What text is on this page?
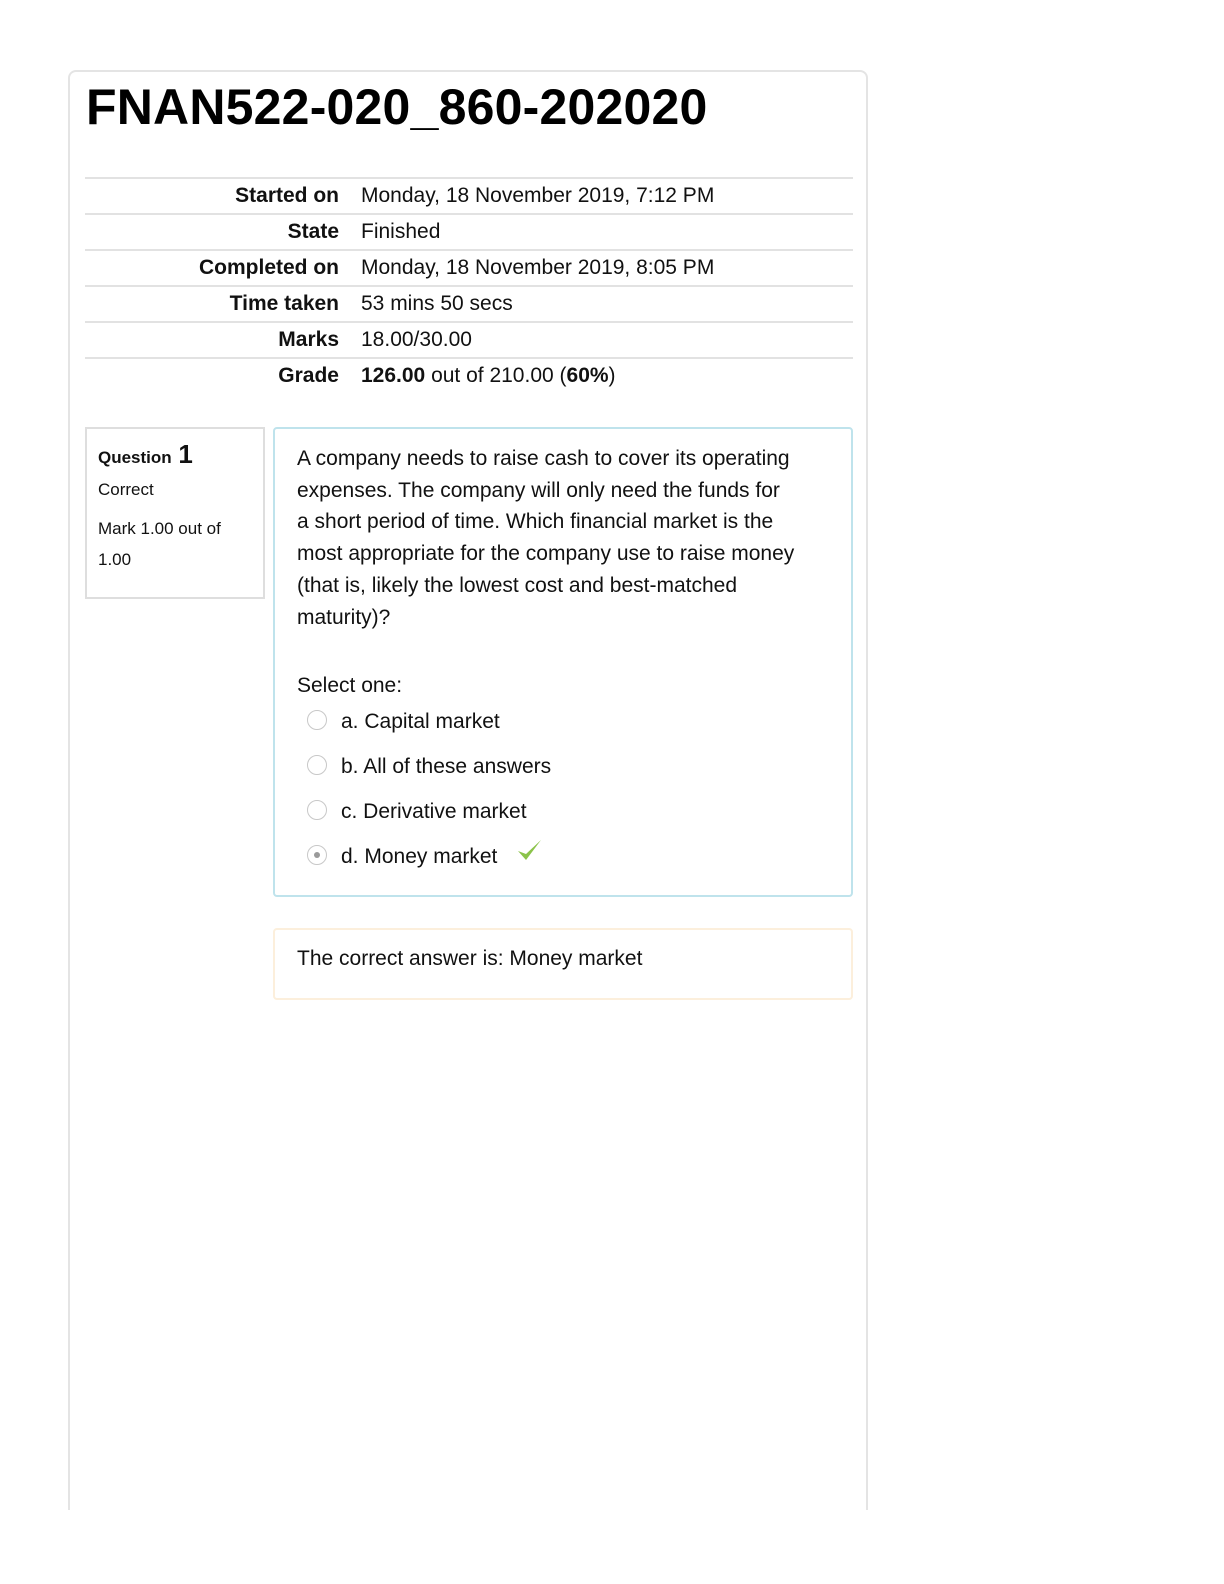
FNAN522-020_860-202020
Started on	Monday, 18 November 2019, 7:12 PM
State	Finished
Completed on	Monday, 18 November 2019, 8:05 PM
Time taken	53 mins 50 secs
Marks	18.00/30.00
Grade	126.00 out of 210.00 (60%)
Question 1
Correct
Mark 1.00 out of 1.00

A company needs to raise cash to cover its operating expenses. The company will only need the funds for a short period of time. Which financial market is the most appropriate for the company use to raise money (that is, likely the lowest cost and best-matched maturity)?

Select one:
a. Capital market
b. All of these answers
c. Derivative market
d. Money market
The correct answer is: Money market
